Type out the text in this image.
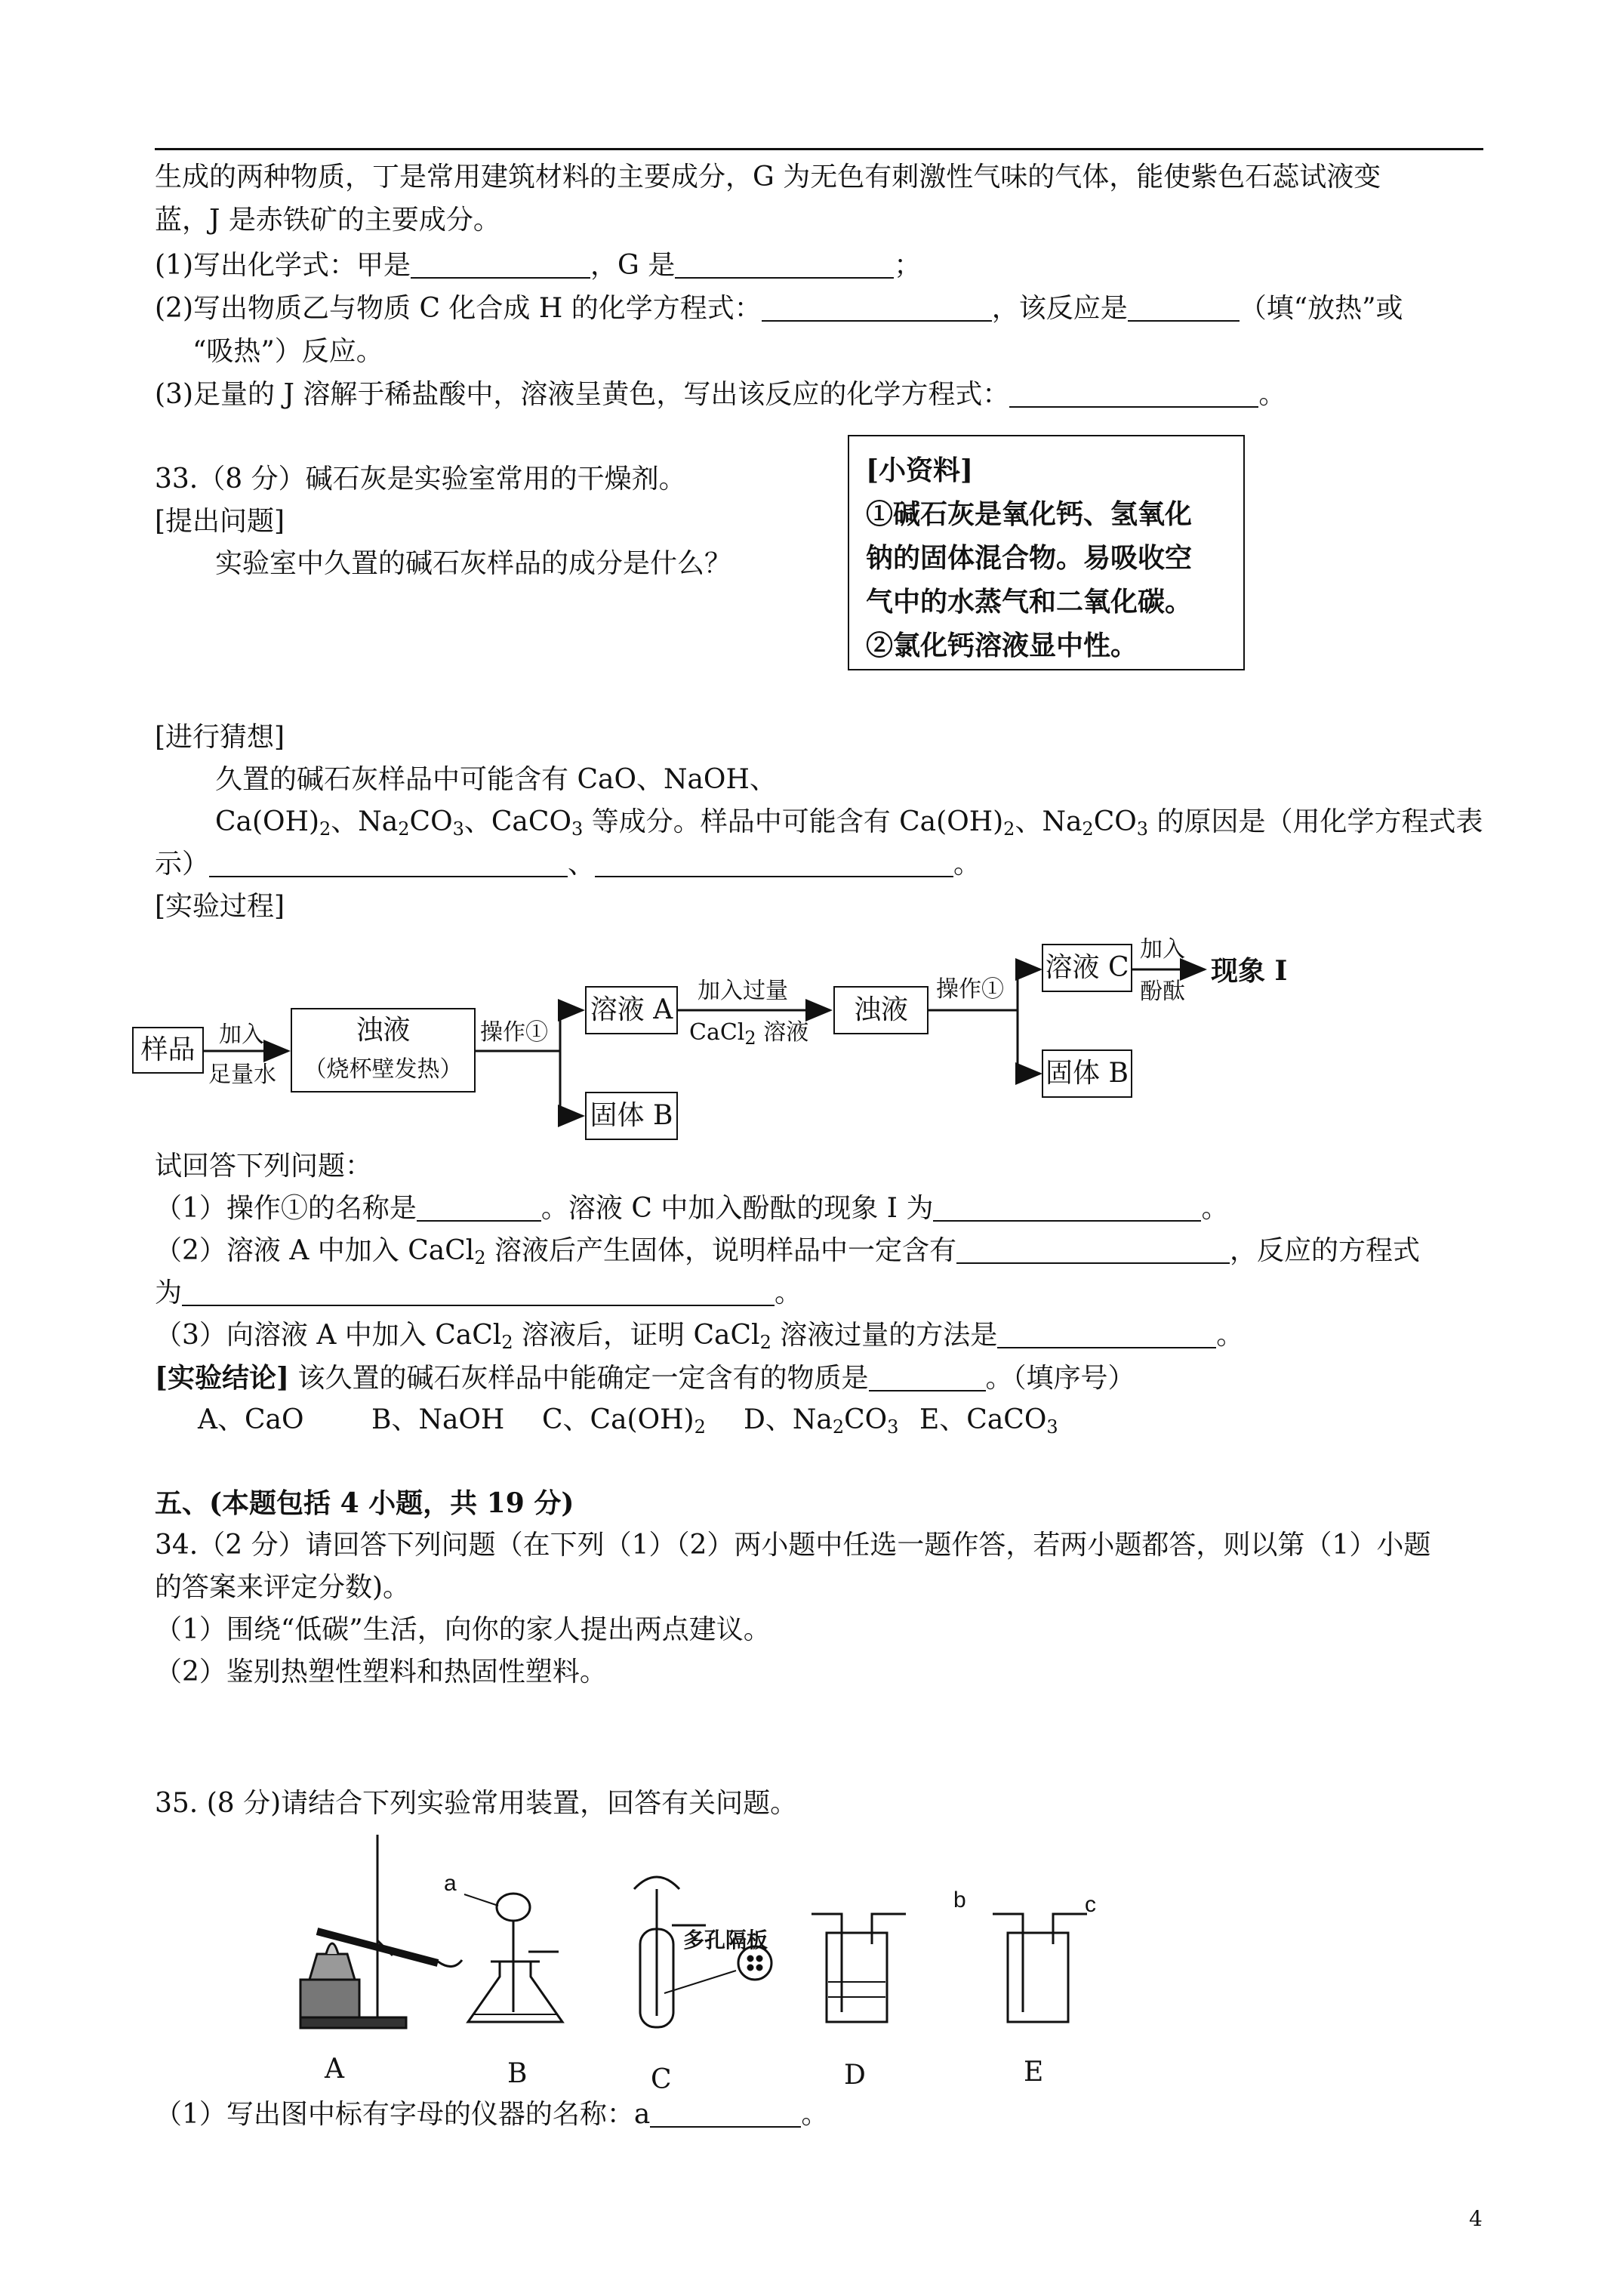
生成的两种物质，丁是常用建筑材料的主要成分，G 为无色有刺激性气味的气体，能使紫色石蕊试液变
蓝，J 是赤铁矿的主要成分。
(1)写出化学式：甲是	，G 是	；
(2)写出物质乙与物质 C 化合成 H 的化学方程式：	，该反应是	（填“放热”或
“吸热”）反应。
(3)足量的 J 溶解于稀盐酸中，溶液呈黄色，写出该反应的化学方程式：	。
33.（8 分）碱石灰是实验室常用的干燥剂。
[提出问题]
实验室中久置的碱石灰样品的成分是什么？
[小资料]
①碱石灰是氧化钙、氢氧化
钠的固体混合物。易吸收空
气中的水蒸气和二氧化碳。
②氯化钙溶液显中性。
[进行猜想]
久置的碱石灰样品中可能含有 CaO、NaOH、
$Ca(OH)_2$、$Na_2CO_3$、CaCO$_3$ 等成分。样品中可能含有 $Ca(OH)_2$、$Na_2CO_3$ 的原因是（用化学方程式表
示）	、	。
[实验过程]
样品	加入
足量水
浊液
（烧杯壁发热）
操作①
溶液 A
固体 B
加入过量
CaCl$_2$ 溶液
浊液
操作①
溶液 C
固体 B
加入
酚酞
现象 I
试回答下列问题：
（1）操作①的名称是	。溶液 C 中加入酚酞的现象 I 为	。
（2）溶液 A 中加入 CaCl$_2$ 溶液后产生固体，说明样品中一定含有	，反应的方程式
为	。
（3）向溶液 A 中加入 CaCl$_2$ 溶液后，证明 CaCl$_2$ 溶液过量的方法是	。
[实验结论] 该久置的碱石灰样品中能确定一定含有的物质是	。（填序号）
A、CaO B、NaOH C、$Ca(OH)_2$ D、$Na_2CO_3$ E、CaCO$_3$
五、(本题包括 4 小题，共 19 分)
34.（2 分）请回答下列问题（在下列（1）（2）两小题中任选一题作答，若两小题都答，则以第（1）小题
的答案来评定分数)。
（1）围绕“低碳”生活，向你的家人提出两点建议。
（2）鉴别热塑性塑料和热固性塑料。
35. (8 分)请结合下列实验常用装置，回答有关问题。
a
b	c
多孔隔板
A	B	C	D	E
（1）写出图中标有字母的仪器的名称：a	。
4
